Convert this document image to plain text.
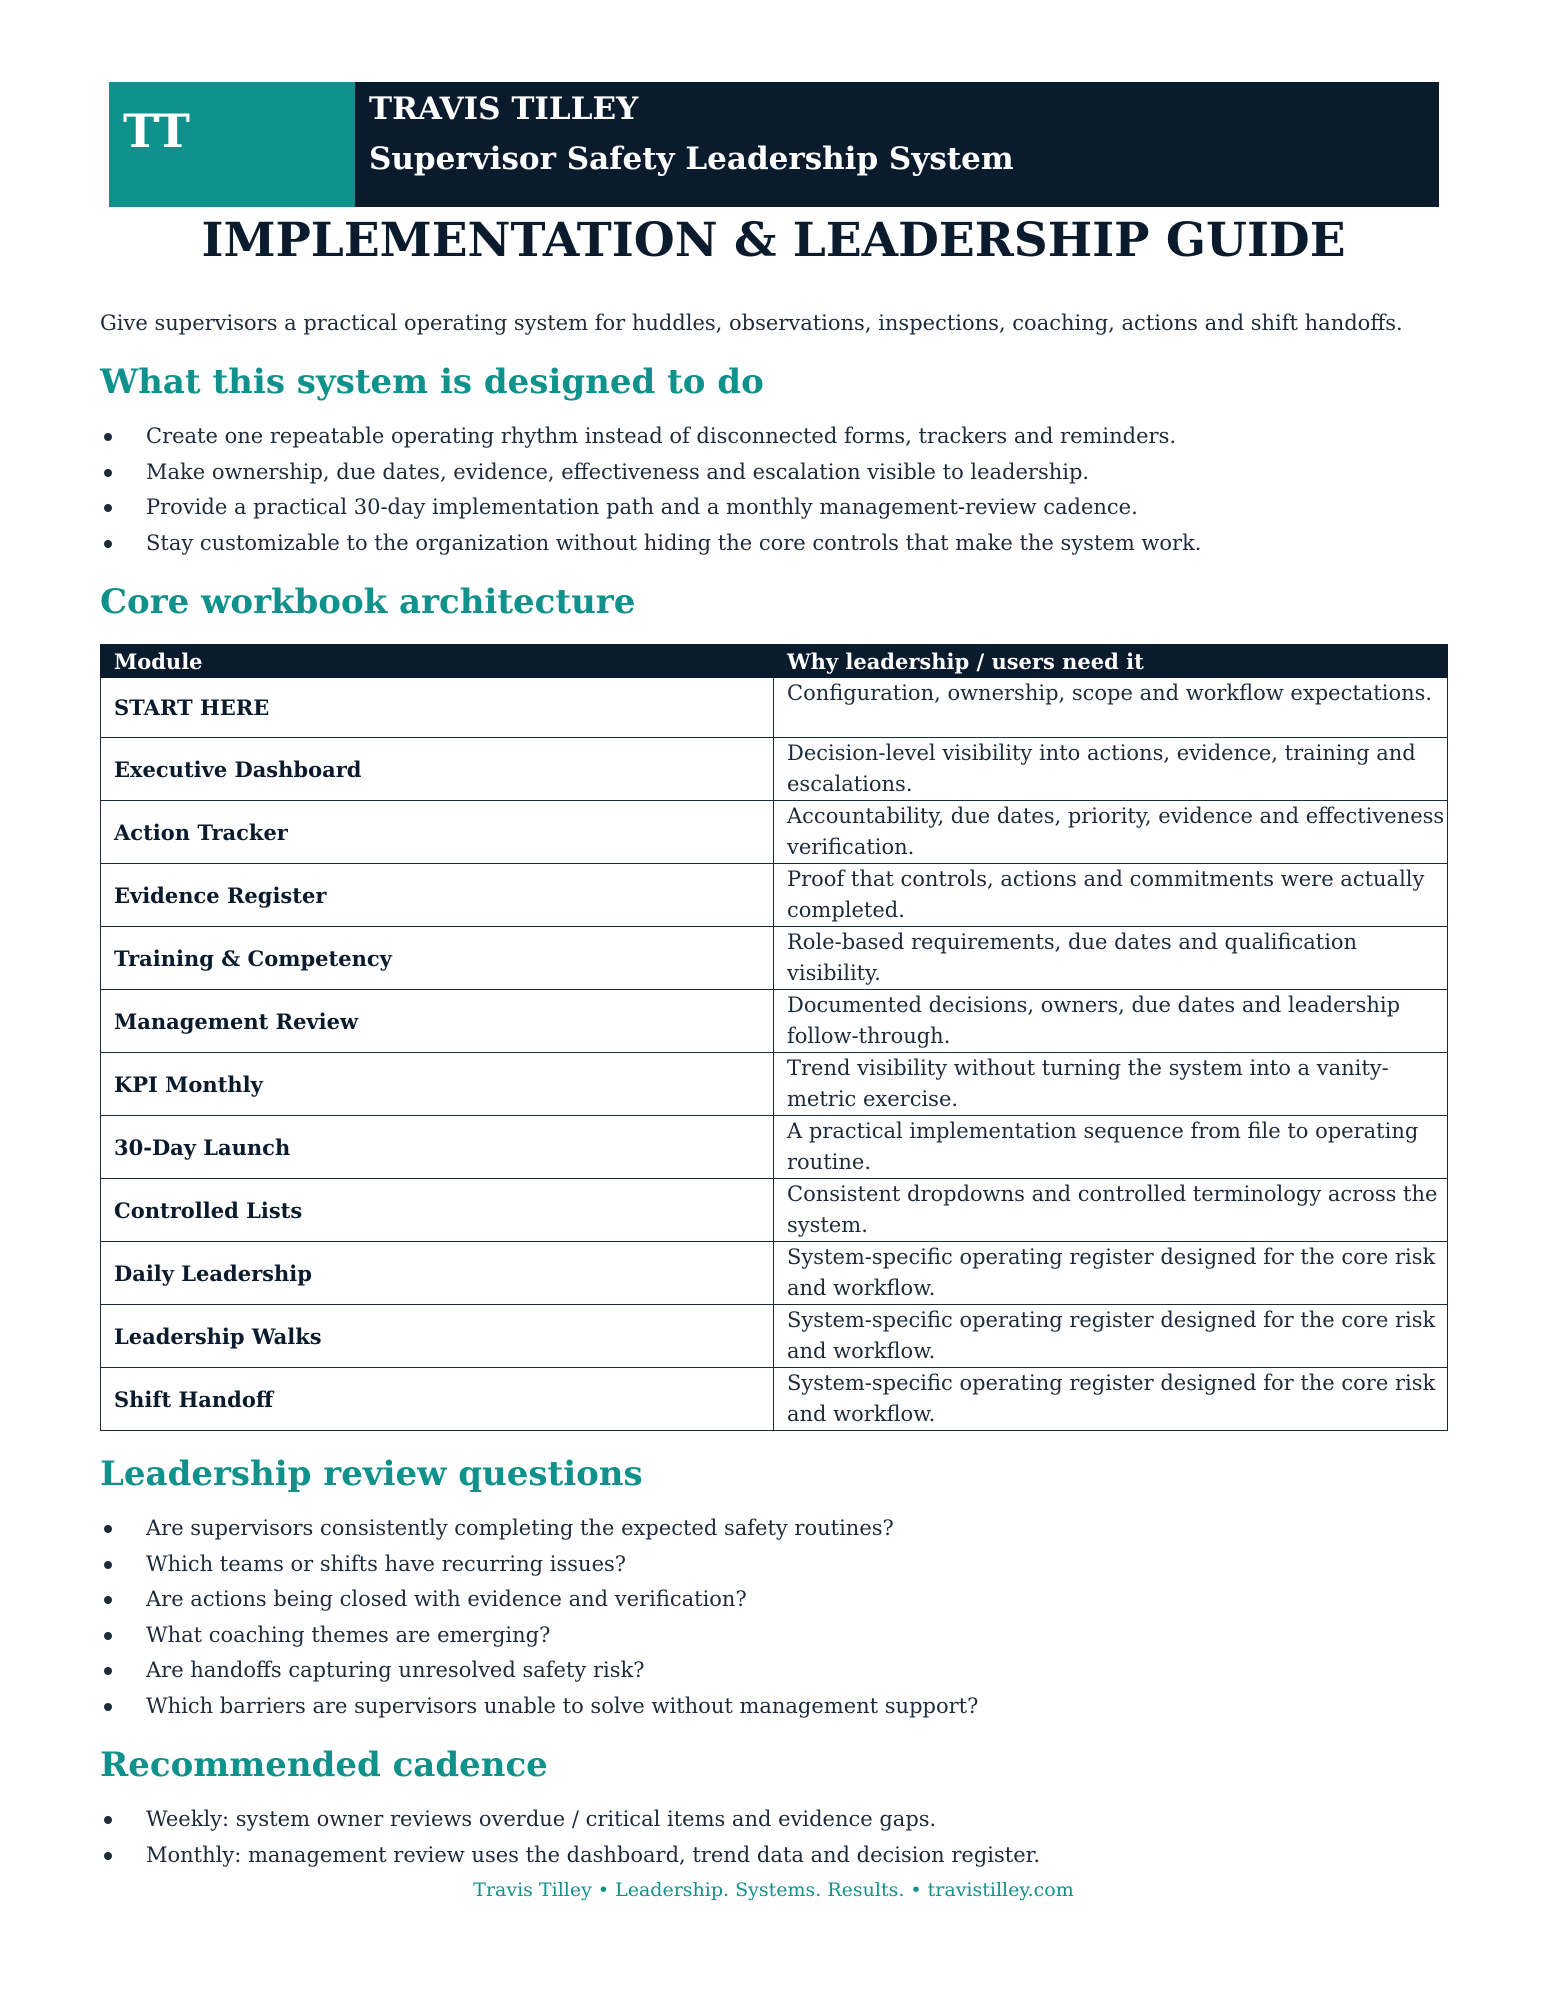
TT	TRAVIS TILLEY
Supervisor Safety Leadership System
IMPLEMENTATION & LEADERSHIP GUIDE
Give supervisors a practical operating system for huddles, observations, inspections, coaching, actions and shift handoffs.
What this system is designed to do
Create one repeatable operating rhythm instead of disconnected forms, trackers and reminders.
Make ownership, due dates, evidence, effectiveness and escalation visible to leadership.
Provide a practical 30-day implementation path and a monthly management-review cadence.
Stay customizable to the organization without hiding the core controls that make the system work.
Core workbook architecture
Module	Why leadership / users need it
START HERE	Configuration, ownership, scope and workflow expectations.
Executive Dashboard	Decision-level visibility into actions, evidence, training and escalations.
Action Tracker	Accountability, due dates, priority, evidence and effectiveness verification.
Evidence Register	Proof that controls, actions and commitments were actually completed.
Training & Competency	Role-based requirements, due dates and qualification visibility.
Management Review	Documented decisions, owners, due dates and leadership follow-through.
KPI Monthly	Trend visibility without turning the system into a vanity-metric exercise.
30-Day Launch	A practical implementation sequence from file to operating routine.
Controlled Lists	Consistent dropdowns and controlled terminology across the system.
Daily Leadership	System-specific operating register designed for the core risk and workflow.
Leadership Walks	System-specific operating register designed for the core risk and workflow.
Shift Handoff	System-specific operating register designed for the core risk and workflow.
Leadership review questions
Are supervisors consistently completing the expected safety routines?
Which teams or shifts have recurring issues?
Are actions being closed with evidence and verification?
What coaching themes are emerging?
Are handoffs capturing unresolved safety risk?
Which barriers are supervisors unable to solve without management support?
Recommended cadence
Weekly: system owner reviews overdue / critical items and evidence gaps.
Monthly: management review uses the dashboard, trend data and decision register.
Travis Tilley • Leadership. Systems. Results. • travistilley.com
